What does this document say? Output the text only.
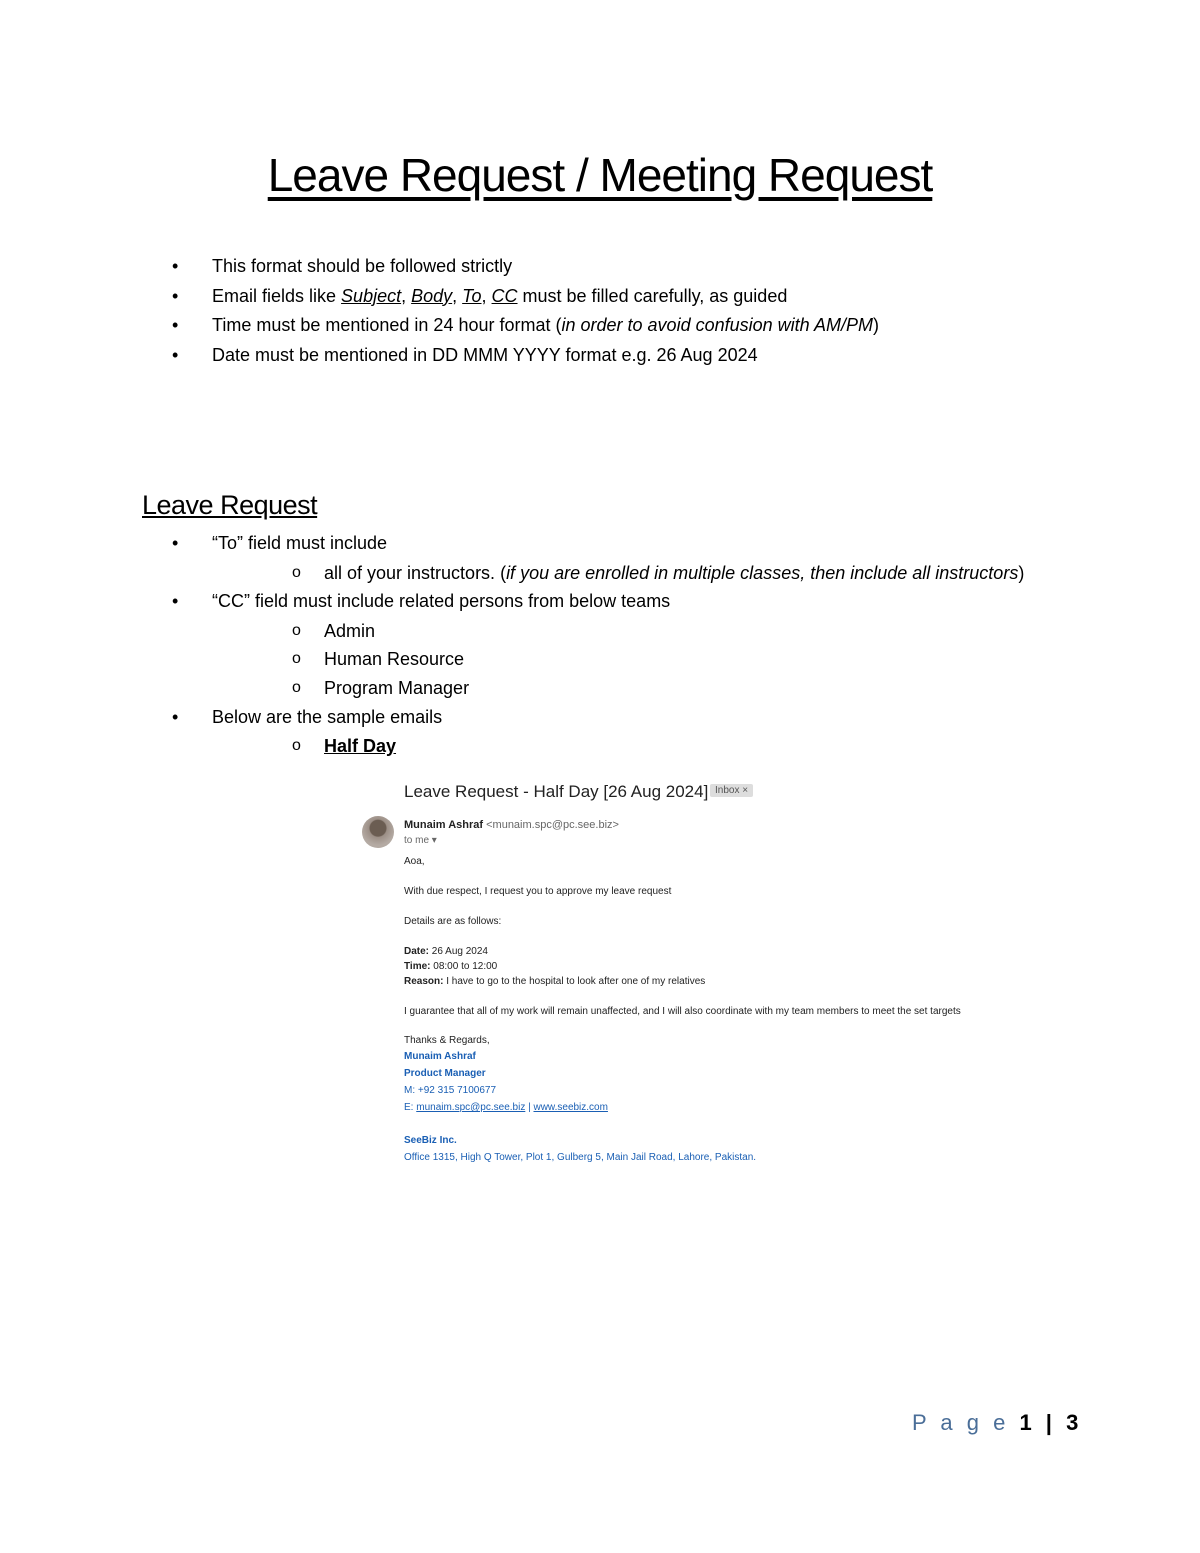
Leave Request / Meeting Request
• This format should be followed strictly
• Email fields like Subject, Body, To, CC must be filled carefully, as guided
• Time must be mentioned in 24 hour format (in order to avoid confusion with AM/PM)
• Date must be mentioned in DD MMM YYYY format e.g. 26 Aug 2024
Leave Request
• “To” field must include
o all of your instructors. (if you are enrolled in multiple classes, then include all instructors)
• “CC” field must include related persons from below teams
o Admin
o Human Resource
o Program Manager
• Below are the sample emails
o Half Day
Leave Request - Half Day [26 Aug 2024] Inbox ×
Munaim Ashraf <munaim.spc@pc.see.biz>
to me ▾
Aoa,
With due respect, I request you to approve my leave request
Details are as follows:
Date: 26 Aug 2024
Time: 08:00 to 12:00
Reason: I have to go to the hospital to look after one of my relatives
I guarantee that all of my work will remain unaffected, and I will also coordinate with my team members to meet the set targets
Thanks & Regards,
Munaim Ashraf
Product Manager
M: +92 315 7100677
E: munaim.spc@pc.see.biz | www.seebiz.com
SeeBiz Inc.
Office 1315, High Q Tower, Plot 1, Gulberg 5, Main Jail Road, Lahore, Pakistan.
P a g e 1 | 3
